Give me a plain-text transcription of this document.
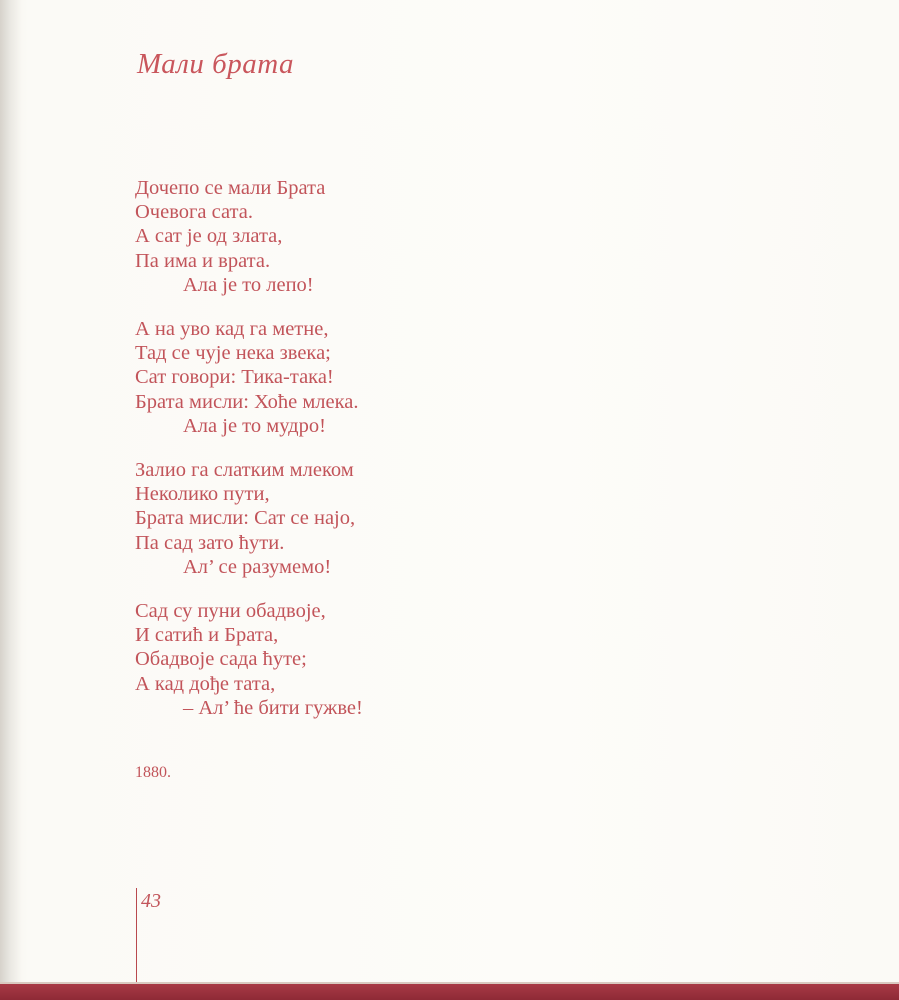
Мали брата
Дочепо се мали Брата
Очевога сата.
А сат је од злата,
Па има и врата.
Ала је то лепо!
А на уво кад га метне,
Тад се чује нека звека;
Сат говори: Тика-така!
Брата мисли: Хоће млека.
Ала је то мудро!
Залио га слатким млеком
Неколико пути,
Брата мисли: Сат се најо,
Па сад зато ћути.
Ал’ се разумемо!
Сад су пуни обадвоје,
И сатић и Брата,
Обадвоје сада ћуте;
А кад дође тата,
– Ал’ ће бити гужве!
1880.
43
